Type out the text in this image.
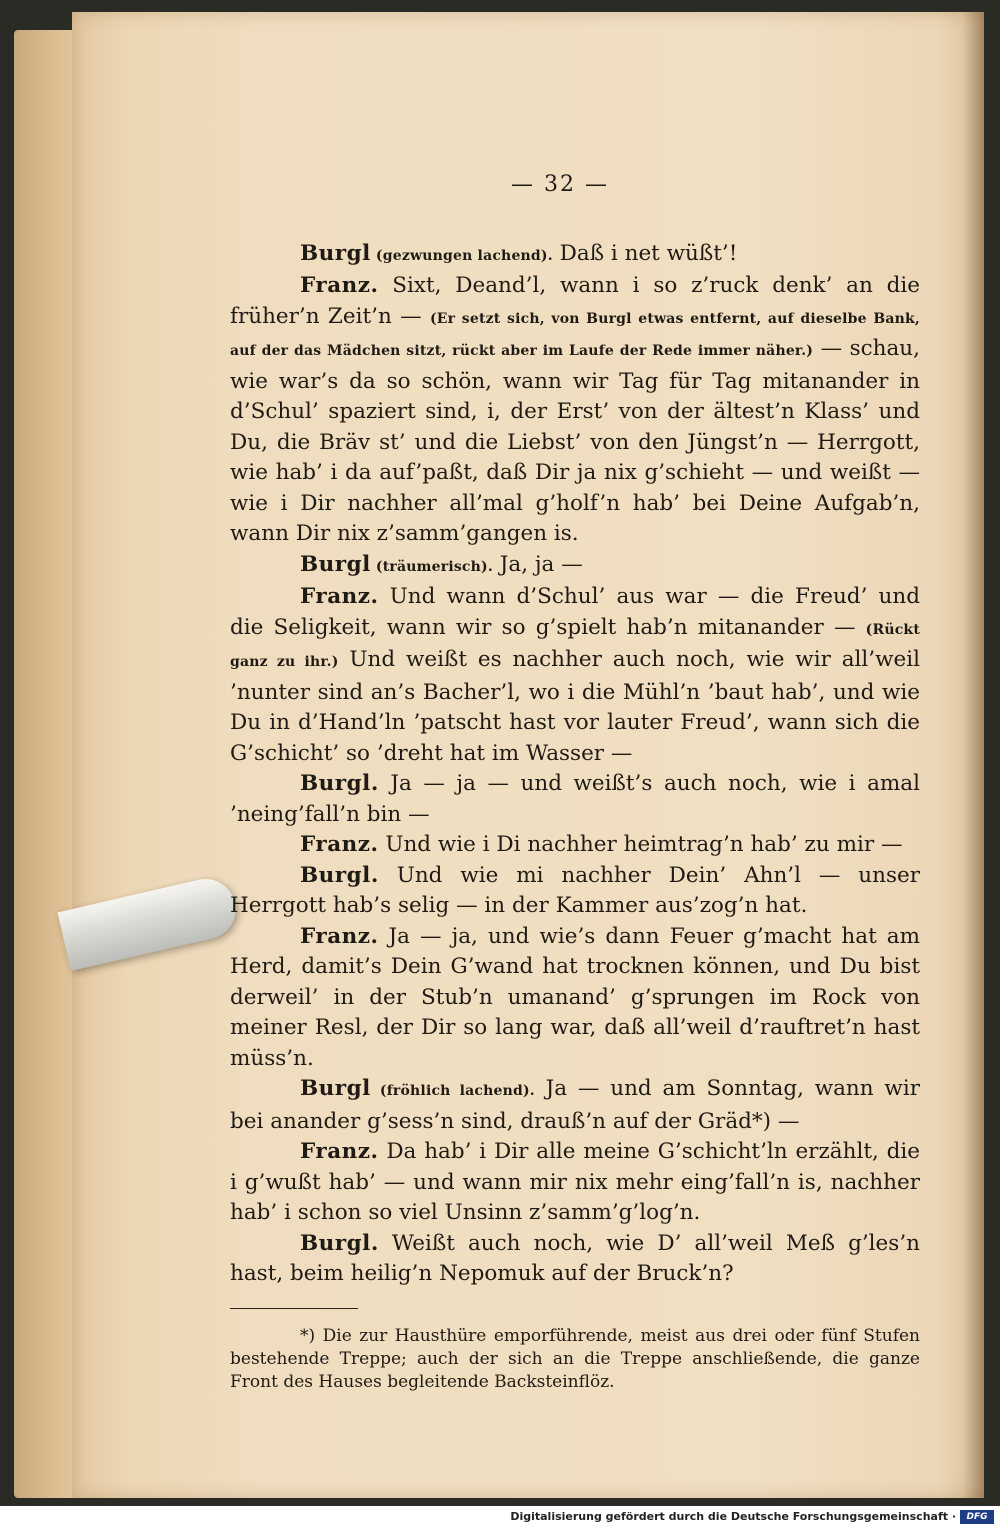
— 32 —

Burgl (gezwungen lachend). Daß i net wüßt’!

Franz. Sixt, Deand’l, wann i so z’ruck denk’ an die früher’n Zeit’n — (Er setzt sich, von Burgl etwas entfernt, auf dieselbe Bank, auf der das Mädchen sitzt, rückt aber im Laufe der Rede immer näher.) — schau, wie war’s da so schön, wann wir Tag für Tag mitanander in d’Schul’ spaziert sind, i, der Erst’ von der ältest’n Klass’ und Du, die Bräv st’ und die Liebst’ von den Jüngst’n — Herrgott, wie hab’ i da auf’paßt, daß Dir ja nix g’schieht — und weißt — wie i Dir nachher all’mal g’holf’n hab’ bei Deine Aufgab’n, wann Dir nix z’samm’gangen is.

Burgl (träumerisch). Ja, ja —

Franz. Und wann d’Schul’ aus war — die Freud’ und die Seligkeit, wann wir so g’spielt hab’n mitanander — (Rückt ganz zu ihr.) Und weißt es nachher auch noch, wie wir all’weil ’nunter sind an’s Bacher’l, wo i die Mühl’n ’baut hab’, und wie Du in d’Hand’ln ’patscht hast vor lauter Freud’, wann sich die G’schicht’ so ’dreht hat im Wasser —

Burgl. Ja — ja — und weißt’s auch noch, wie i amal ’neing’fall’n bin —

Franz. Und wie i Di nachher heimtrag’n hab’ zu mir —

Burgl. Und wie mi nachher Dein’ Ahn’l — unser Herrgott hab’s selig — in der Kammer aus’zog’n hat.

Franz. Ja — ja, und wie’s dann Feuer g’macht hat am Herd, damit’s Dein G’wand hat trocknen können, und Du bist derweil’ in der Stub’n umanand’ g’sprungen im Rock von meiner Resl, der Dir so lang war, daß all’weil d’rauftret’n hast müss’n.

Burgl (fröhlich lachend). Ja — und am Sonntag, wann wir bei anander g’sess’n sind, drauß’n auf der Gräd*) —

Franz. Da hab’ i Dir alle meine G’schicht’ln erzählt, die i g’wußt hab’ — und wann mir nix mehr eing’fall’n is, nachher hab’ i schon so viel Unsinn z’samm’g’log’n.

Burgl. Weißt auch noch, wie D’ all’weil Meß g’les’n hast, beim heilig’n Nepomuk auf der Bruck’n?

*) Die zur Hausthüre emporführende, meist aus drei oder fünf Stufen bestehende Treppe; auch der sich an die Treppe anschließende, die ganze Front des Hauses begleitende Backsteinflöz.

Digitalisierung gefördert durch die Deutsche Forschungsgemeinschaft ·	DFG
